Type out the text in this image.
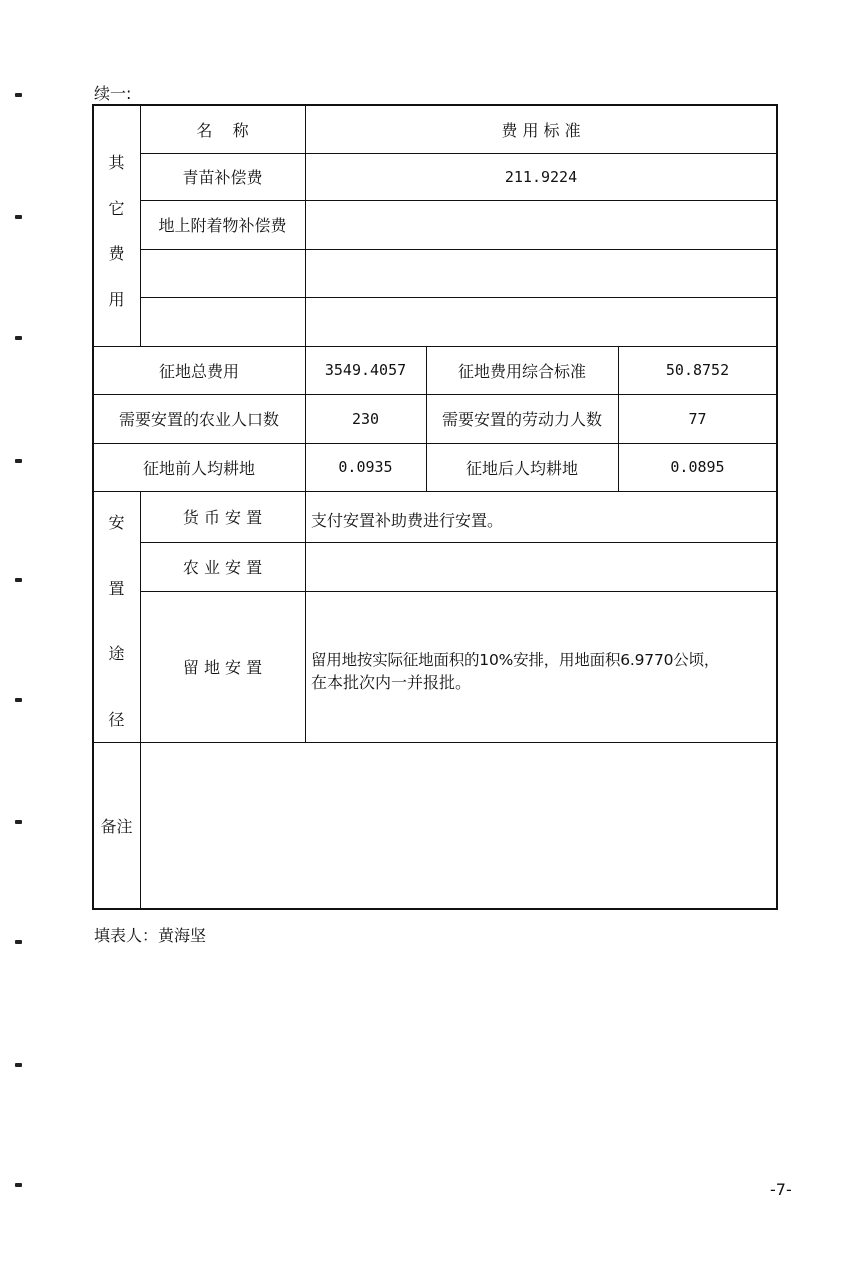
续一:
其
它
费
用
名    称	费 用 标 准
青苗补偿费	211.9224
地上附着物补偿费
征地总费用	3549.4057	征地费用综合标准	50.8752
需要安置的农业人口数	230	需要安置的劳动力人数	77
征地前人均耕地	0.0935	征地后人均耕地	0.0895
安
置
途
径
货 币 安 置	支付安置补助费进行安置。
农 业 安 置
留 地 安 置	留用地按实际征地面积的10%安排，用地面积6.9770公顷，
在本批次内一并报批。
备注
填表人：黄海坚
-7-
